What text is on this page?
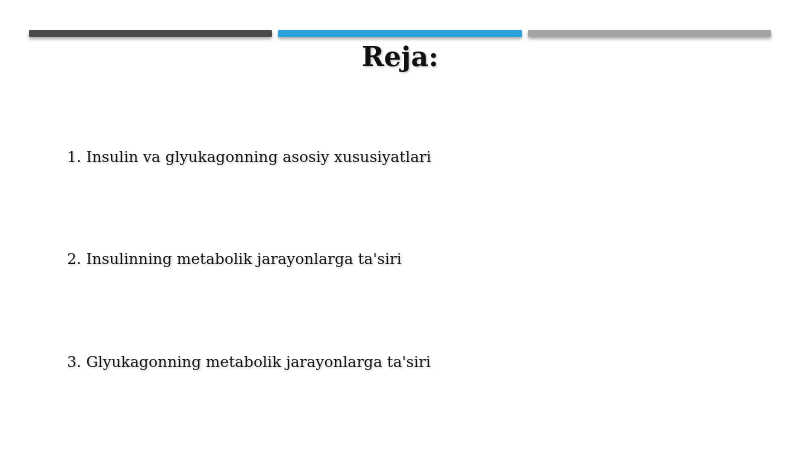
Reja:
1. Insulin va glyukagonning asosiy xususiyatlari
2. Insulinning metabolik jarayonlarga ta'siri
3. Glyukagonning metabolik jarayonlarga ta'siri
